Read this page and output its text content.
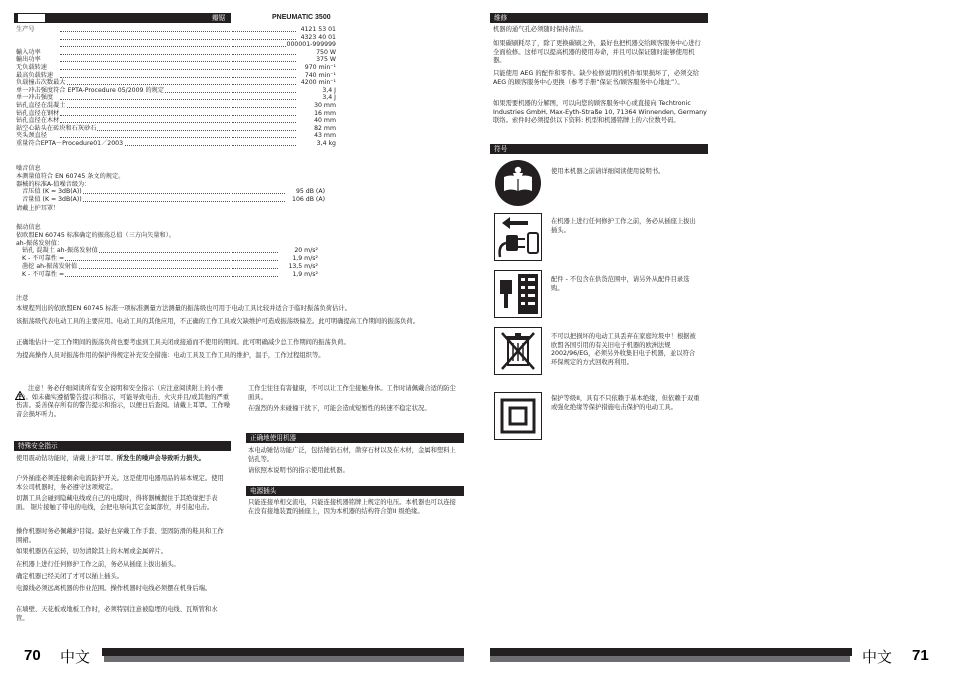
技术数据	瓣锯	PNEUMATIC 3500
生产号	4121 53 01
4323 40 01
000001-999999
輸入功率	750 W
輸出功率	375 W
无负载转速	970 min⁻¹
最高负载转速	740 min⁻¹
负载撞击次数最大	4200 min⁻¹
单一冲击强度符合 EPTA-Procedure 05/2009 的规定	3,4 J
单一冲击强度	3,4 J
钻孔直径在混凝土	30 mm
钻孔直径在钢材	16 mm
钻孔直径在木材	40 mm
鉆空心鉆头在砖块和石灰砂石	82 mm
夹头颈直径	43 mm
重量符合EPTA－Procedure01／2003	3,4 kg
噪音信息
本测量值符合 EN 60745 条文的规定。
器械的标准A-值噪音级为：
音压值 (K = 3dB(A))	95 dB (A)
音量值 (K = 3dB(A))	106 dB (A)
请戴上护耳罩！
振动信息
依欧盟EN 60745 标准确定的振荡总值（三方向矢量和）。
ah-振荡发射值：
钻孔 混凝土 ah-振荡发射值	20 m/s²
K - 不可靠性 =	1,9 m/s²
凿挖 ah-振荡发射值	13,5 m/s²
K - 不可靠性 =	1,9 m/s²
注意
本规程列出的依欧盟EN 60745 标准一项标准测量方法测量的振荡级也可用于电动工具比较并适合于临时振荡负荷估计。
该振荡级代表电动工具的主要应用。电动工具的其他应用，不正确的工作工具或欠缺维护可造成振荡级偏差。此可明确提高工作期间的振荡负荷。
正确地估计一定工作期间的振荡负荷也要考虑到工具关闭或接通而不使用的期间。此可明确减少总工作期间的振荡负荷。
为提高操作人员对振荡作用的保护得规定补充安全措施：电动工具及工作工具的维护，温手，工作过程组织等。
注意！务必仔细阅读所有安全说明和安全指示（应注意阅读附上的小册子）。如未确实遵循警告提示和指示，可能导致电击、火灾并且/或其他的严重伤害。妥善保存所有的警告提示和指示，以便日后查阅。请戴上耳罩。工作噪音会损坏听力。
特殊安全指示
使用震动钻功能时，请戴上护耳罩。所发生的噪声会导致听力损失。
户外插座必须连接剩余电流防护开关。这是使用电器用品的基本规定。使用本公司机器时，务必遵守这项规定。
切割工具会碰到隐藏电线或自己的电缆时，得将器械握住于其绝缘把手表面。 锯片接触了带电的电线，会把电导向其它金属部位，并引起电击。
操作机器时务必佩戴护目镜。最好也穿戴工作手套、坚固防滑的鞋具和工作围裙。
如果机器仍在运转，切勿清除其上的木屑或金属碎片。
在机器上进行任何修护工作之前，务必从插座上拔出插头。
确定机器已经关闭了才可以插上插头。
电源线必须远离机器的作业范围。操作机器时电线必须摆在机身后端。
在墙壁、天花板或地板工作时，必须特别注意被隐埋的电线、瓦斯管和水管。
工作尘往往有害健康，不可以让工作尘接触身体。工作时请佩戴合适的防尘面具。
在强烈的外来碰撞干扰下，可能会造成短暂性的转速不稳定状况。
正确地使用机器
本电动锤钻功能广泛，包括锤钻石材，凿穿石材以及在木材，金属和塑料上钻孔等。
请依照本说明书的指示使用此机器。
电源插头
只能连接单相交流电，只能连接机器铭牌上规定的电压。本机器也可以连接在没有接地装置的插座上，因为本机器的结构符合第II 级绝缘。
70 中文
维修
机器的通气孔必须随时保持清洁。
如果碳刷耗尽了，除了更换碳刷之外，最好也把机器交给顾客服务中心进行全面检修。这样可以提高机器的使用寿命，并且可以保证随时能够使用机器。
只能使用 AEG 的配件和零件。缺少检修说明的机件如果损坏了，必须交给 AEG 的顾客服务中心更换（参考手册“保证书/顾客服务中心地址”）。
如果需要机器的分解图，可以向您的顾客服务中心或直接向 Techtronic Industries GmbH, Max-Eyth-Straße 10, 71364 Winnenden, Germany联络。索件时必须提供以下资料: 机型和机器铭牌上的六位数号码。
符号
使用本机器之前请详细阅读使用说明书。
在机器上进行任何修护工作之前，务必从插座上拔出插头。
配件 - 不包含在供货范围中，请另外从配件目录选购。
不可以把损坏的电动工具丢弃在家庭垃圾中！根据被欧盟各国引用的有关旧电子机器的欧洲法规2002/96/EG，必须另外收集旧电子机器，並以符合环保规定的方式回收再利用。
保护等级II，具有不只依赖于基本绝缘，但依赖于双重或强化绝缘等保护措施电击保护的电动工具。
中文 71
